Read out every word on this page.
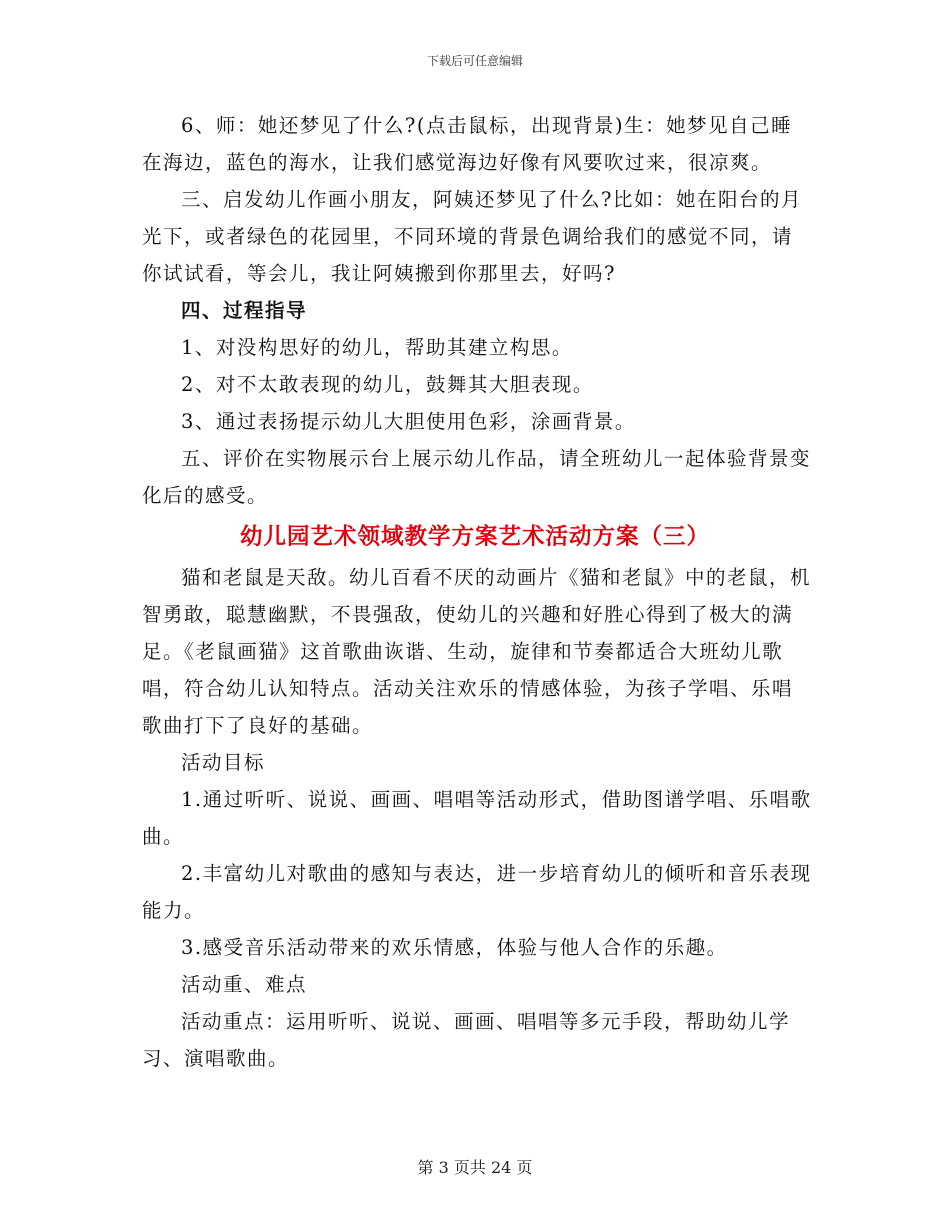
下载后可任意编辑

6、师：她还梦见了什么?(点击鼠标，出现背景)生：她梦见自己睡在海边，蓝色的海水，让我们感觉海边好像有风要吹过来，很凉爽。

三、启发幼儿作画小朋友，阿姨还梦见了什么?比如：她在阳台的月光下，或者绿色的花园里，不同环境的背景色调给我们的感觉不同，请你试试看，等会儿，我让阿姨搬到你那里去，好吗?

四、过程指导

1、对没构思好的幼儿，帮助其建立构思。

2、对不太敢表现的幼儿，鼓舞其大胆表现。

3、通过表扬提示幼儿大胆使用色彩，涂画背景。

五、评价在实物展示台上展示幼儿作品，请全班幼儿一起体验背景变化后的感受。

幼儿园艺术领域教学方案艺术活动方案（三）

猫和老鼠是天敌。幼儿百看不厌的动画片《猫和老鼠》中的老鼠，机智勇敢，聪慧幽默，不畏强敌，使幼儿的兴趣和好胜心得到了极大的满足。《老鼠画猫》这首歌曲诙谐、生动，旋律和节奏都适合大班幼儿歌唱，符合幼儿认知特点。活动关注欢乐的情感体验，为孩子学唱、乐唱歌曲打下了良好的基础。

活动目标

1.通过听听、说说、画画、唱唱等活动形式，借助图谱学唱、乐唱歌曲。

2.丰富幼儿对歌曲的感知与表达，进一步培育幼儿的倾听和音乐表现能力。

3.感受音乐活动带来的欢乐情感，体验与他人合作的乐趣。

活动重、难点

活动重点：运用听听、说说、画画、唱唱等多元手段，帮助幼儿学习、演唱歌曲。

第 3 页共 24 页
